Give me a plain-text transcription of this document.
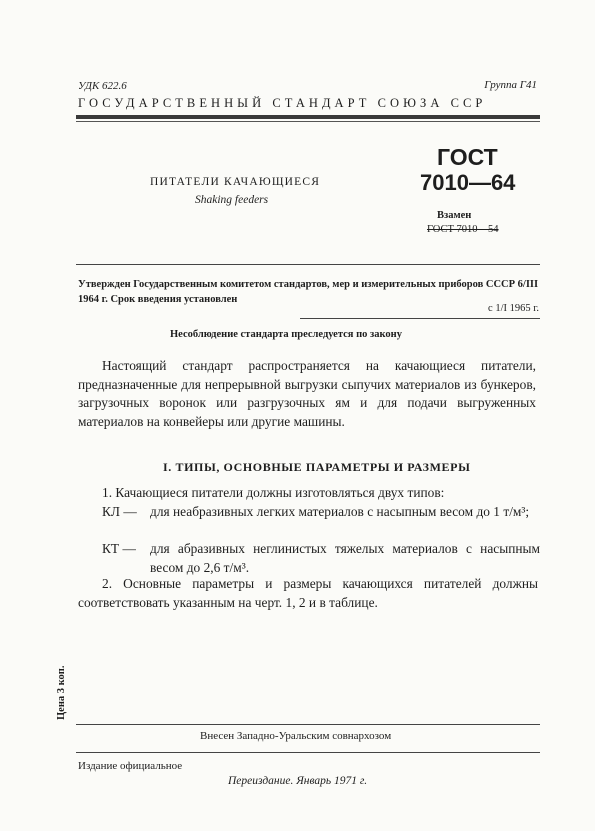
УДК 622.6	Группа Г41
ГОСУДАРСТВЕННЫЙ СТАНДАРТ СОЮЗА ССР
ПИТАТЕЛИ КАЧАЮЩИЕСЯ
Shaking feeders
ГОСТ
7010—64
Взамен
ГОСТ 7010—54
Утвержден Государственным комитетом стандартов, мер и измерительных приборов СССР 6/III 1964 г. Срок введения установлен
с 1/I 1965 г.
Несоблюдение стандарта преследуется по закону
Настоящий стандарт распространяется на качающиеся питатели, предназначенные для непрерывной выгрузки сыпучих материалов из бункеров, загрузочных воронок или разгрузочных ям и для подачи выгруженных материалов на конвейеры или другие машины.
I. ТИПЫ, ОСНОВНЫЕ ПАРАМЕТРЫ И РАЗМЕРЫ
1. Качающиеся питатели должны изготовляться двух типов:
КЛ — для неабразивных легких материалов с насыпным весом до 1 т/м³;
КТ —	для абразивных неглинистых тяжелых материалов с насыпным весом до 2,6 т/м³.
2. Основные параметры и размеры качающихся питателей должны соответствовать указанным на черт. 1, 2 и в таблице.
Цена 3 коп.
Внесен Западно-Уральским совнархозом
Издание официальное
Переиздание. Январь 1971 г.
